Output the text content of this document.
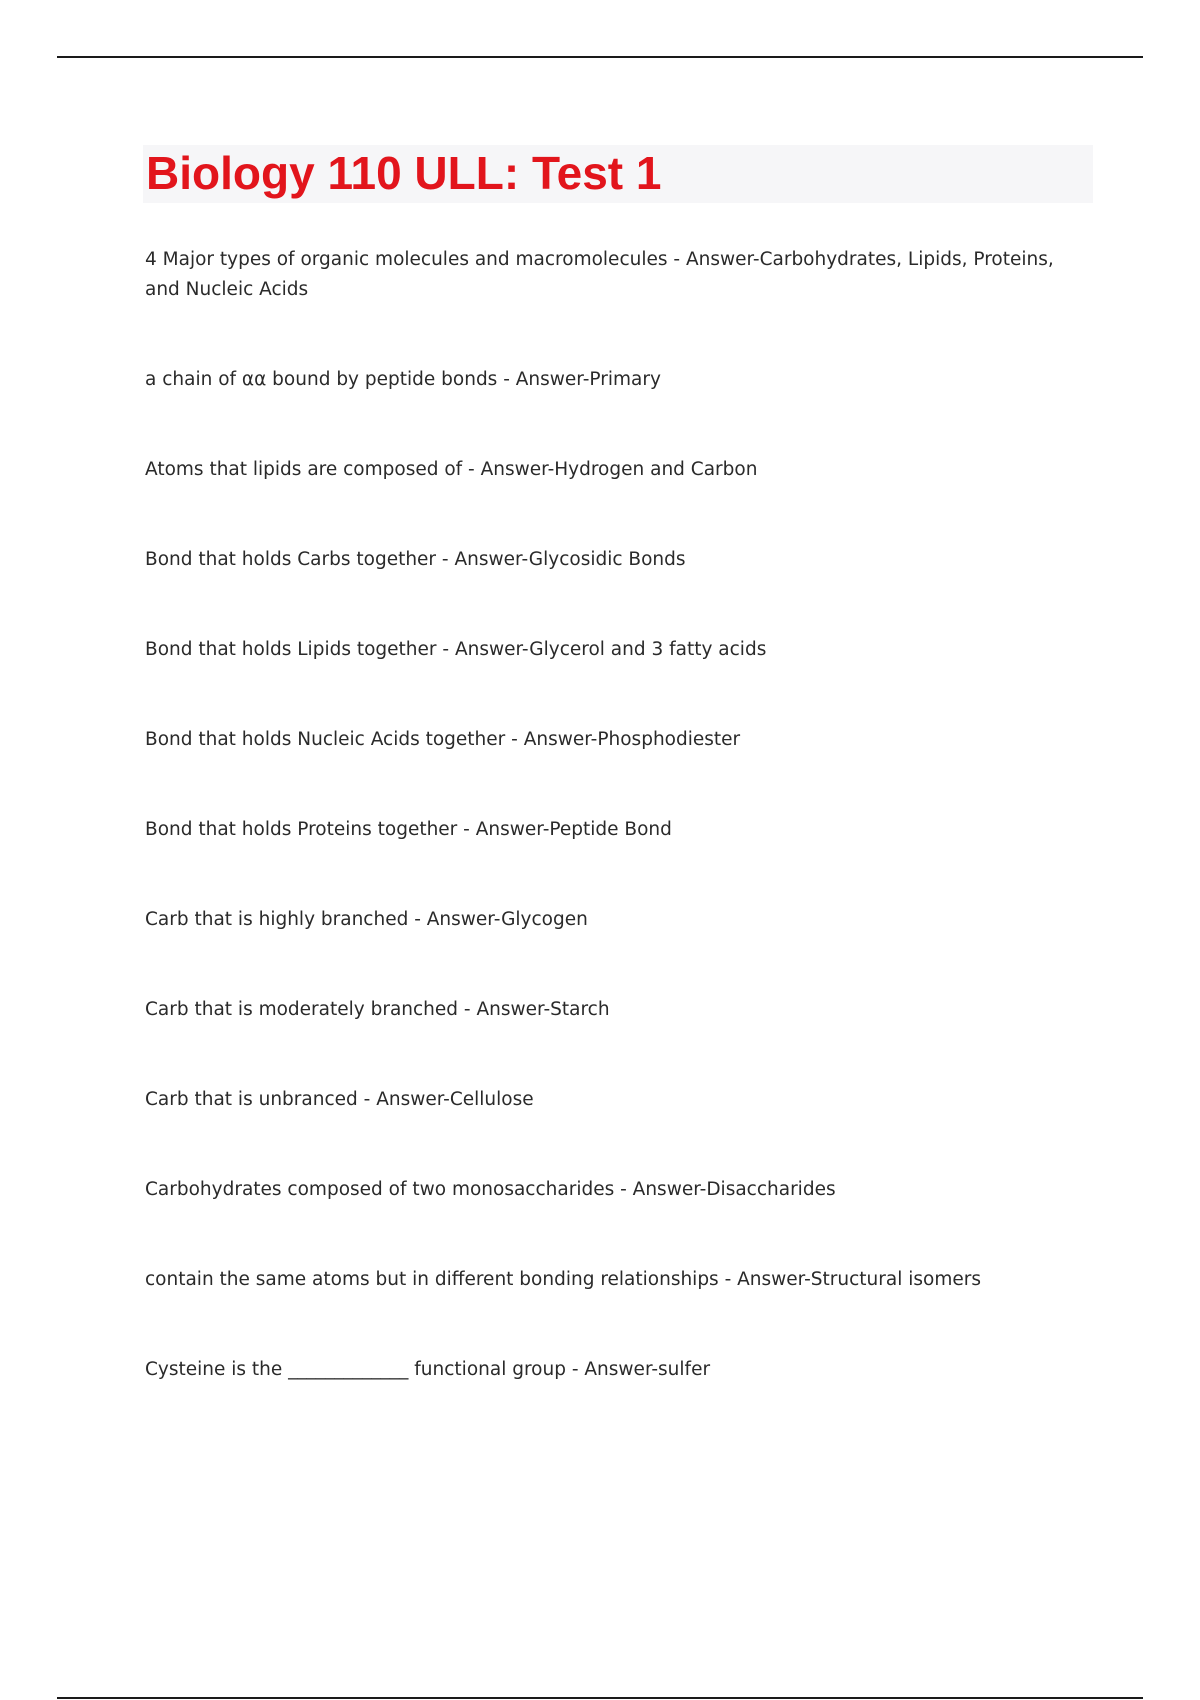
Biology 110 ULL: Test 1
4 Major types of organic molecules and macromolecules - Answer-Carbohydrates, Lipids, Proteins, and Nucleic Acids
a chain of αα bound by peptide bonds - Answer-Primary
Atoms that lipids are composed of - Answer-Hydrogen and Carbon
Bond that holds Carbs together - Answer-Glycosidic Bonds
Bond that holds Lipids together - Answer-Glycerol and 3 fatty acids
Bond that holds Nucleic Acids together - Answer-Phosphodiester
Bond that holds Proteins together - Answer-Peptide Bond
Carb that is highly branched - Answer-Glycogen
Carb that is moderately branched - Answer-Starch
Carb that is unbranced - Answer-Cellulose
Carbohydrates composed of two monosaccharides - Answer-Disaccharides
contain the same atoms but in different bonding relationships - Answer-Structural isomers
Cysteine is the _____________ functional group - Answer-sulfer
